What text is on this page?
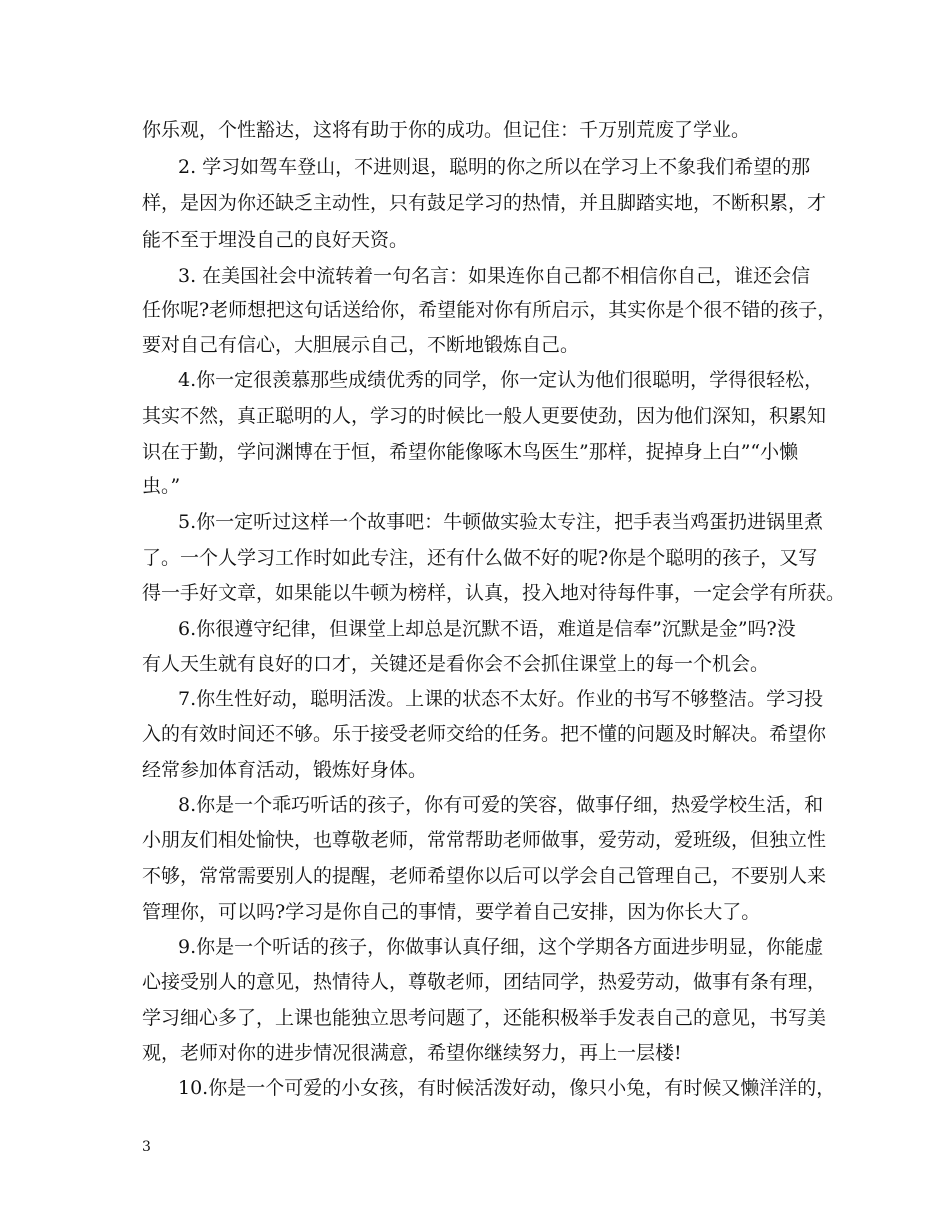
你乐观，个性豁达，这将有助于你的成功。但记住：千万别荒废了学业。
2. 学习如驾车登山，不进则退，聪明的你之所以在学习上不象我们希望的那
样，是因为你还缺乏主动性，只有鼓足学习的热情，并且脚踏实地，不断积累，才
能不至于埋没自己的良好天资。
3. 在美国社会中流转着一句名言：如果连你自己都不相信你自己，谁还会信
任你呢?老师想把这句话送给你，希望能对你有所启示，其实你是个很不错的孩子，
要对自己有信心，大胆展示自己，不断地锻炼自己。
4.你一定很羡慕那些成绩优秀的同学，你一定认为他们很聪明，学得很轻松，
其实不然，真正聪明的人，学习的时候比一般人更要使劲，因为他们深知，积累知
识在于勤，学问渊博在于恒，希望你能像啄木鸟医生”那样，捉掉身上白”“小懒
虫。”
5.你一定听过这样一个故事吧：牛顿做实验太专注，把手表当鸡蛋扔进锅里煮
了。一个人学习工作时如此专注，还有什么做不好的呢?你是个聪明的孩子，又写
得一手好文章，如果能以牛顿为榜样，认真，投入地对待每件事，一定会学有所获。
6.你很遵守纪律，但课堂上却总是沉默不语，难道是信奉”沉默是金”吗?没
有人天生就有良好的口才，关键还是看你会不会抓住课堂上的每一个机会。
7.你生性好动，聪明活泼。上课的状态不太好。作业的书写不够整洁。学习投
入的有效时间还不够。乐于接受老师交给的任务。把不懂的问题及时解决。希望你
经常参加体育活动，锻炼好身体。
8.你是一个乖巧听话的孩子，你有可爱的笑容，做事仔细，热爱学校生活，和
小朋友们相处愉快，也尊敬老师，常常帮助老师做事，爱劳动，爱班级，但独立性
不够，常常需要别人的提醒，老师希望你以后可以学会自己管理自己，不要别人来
管理你，可以吗?学习是你自己的事情，要学着自己安排，因为你长大了。
9.你是一个听话的孩子，你做事认真仔细，这个学期各方面进步明显，你能虚
心接受别人的意见，热情待人，尊敬老师，团结同学，热爱劳动，做事有条有理，
学习细心多了，上课也能独立思考问题了，还能积极举手发表自己的意见，书写美
观，老师对你的进步情况很满意，希望你继续努力，再上一层楼!
10.你是一个可爱的小女孩，有时候活泼好动，像只小兔，有时候又懒洋洋的，
3
